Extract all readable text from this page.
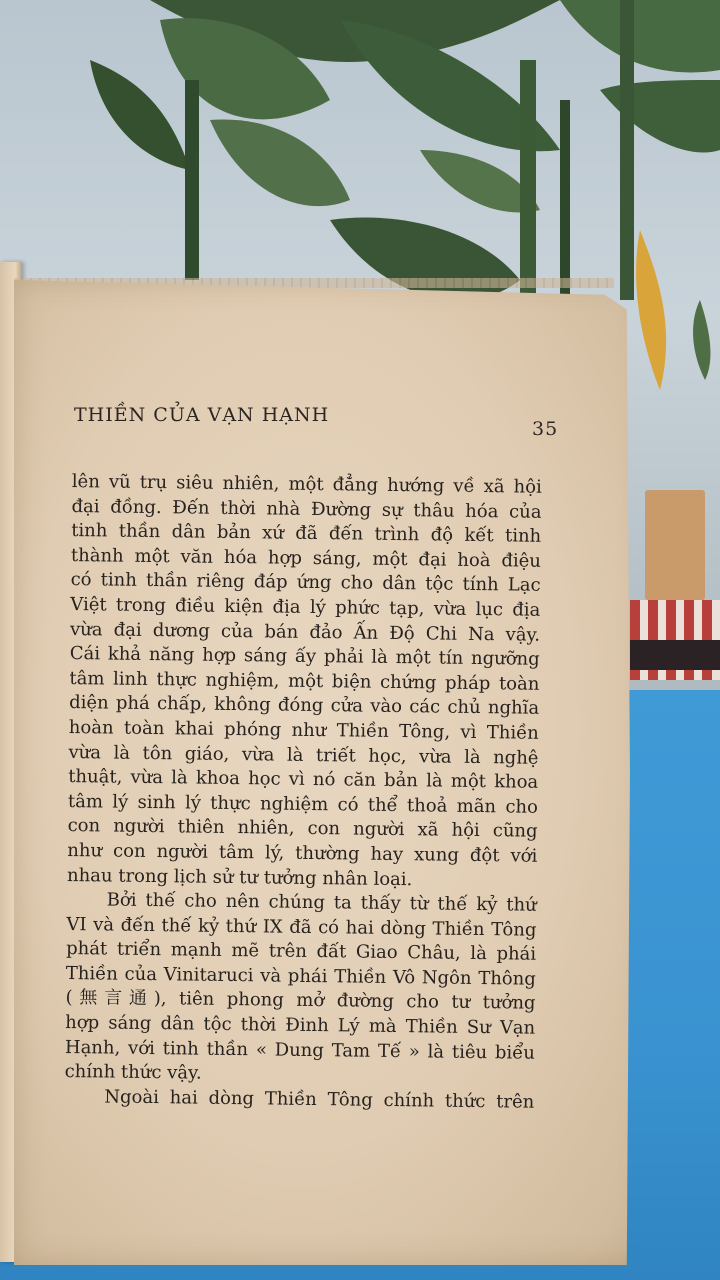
THIỀN CỦA VẠN HẠNH
35
lên vũ trụ siêu nhiên, một đẳng hướng về xã hội
đại đồng. Đến thời nhà Đường sự thâu hóa của
tinh thần dân bản xứ đã đến trình độ kết tinh
thành một văn hóa hợp sáng, một đại hoà điệu
có tinh thần riêng đáp ứng cho dân tộc tính Lạc
Việt trong điều kiện địa lý phức tạp, vừa lục địa
vừa đại dương của bán đảo Ấn Độ Chi Na vậy.
Cái khả năng hợp sáng ấy phải là một tín ngưỡng
tâm linh thực nghiệm, một biện chứng pháp toàn
diện phá chấp, không đóng cửa vào các chủ nghĩa
hoàn toàn khai phóng như Thiền Tông, vì Thiền
vừa là tôn giáo, vừa là triết học, vừa là nghệ
thuật, vừa là khoa học vì nó căn bản là một khoa
tâm lý sinh lý thực nghiệm có thể thoả mãn cho
con người thiên nhiên, con người xã hội cũng
như con người tâm lý, thường hay xung đột với
nhau trong lịch sử tư tưởng nhân loại.
Bởi thế cho nên chúng ta thấy từ thế kỷ thứ
VI và đến thế kỷ thứ IX đã có hai dòng Thiền Tông
phát triển mạnh mẽ trên đất Giao Châu, là phái
Thiền của Vinitaruci và phái Thiền Vô Ngôn Thông
(無言通), tiên phong mở đường cho tư tưởng
hợp sáng dân tộc thời Đinh Lý mà Thiền Sư Vạn
Hạnh, với tinh thần « Dung Tam Tế » là tiêu biểu
chính thức vậy.
Ngoài hai dòng Thiền Tông chính thức trên
